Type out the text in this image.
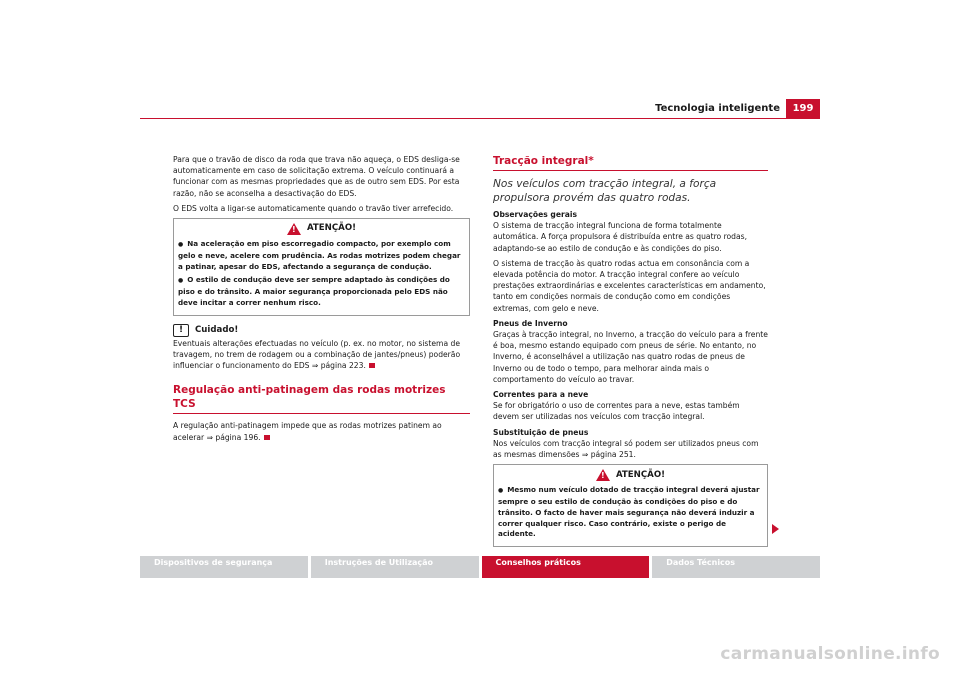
Tecnologia inteligente	199

Para que o travão de disco da roda que trava não aqueça, o EDS desliga-se automaticamente em caso de solicitação extrema. O veículo continuará a funcionar com as mesmas propriedades que as de outro sem EDS. Por esta razão, não se aconselha a desactivação do EDS.

O EDS volta a ligar-se automaticamente quando o travão tiver arrefecido.

!
ATENÇÃO!
● Na aceleração em piso escorregadio compacto, por exemplo com gelo e neve, acelere com prudência. As rodas motrizes podem chegar a patinar, apesar do EDS, afectando a segurança de condução.
● O estilo de condução deve ser sempre adaptado às condições do piso e do trânsito. A maior segurança proporcionada pelo EDS não deve incitar a correr nenhum risco.
!	Cuidado!

Eventuais alterações efectuadas no veículo (p. ex. no motor, no sistema de travagem, no trem de rodagem ou a combinação de jantes/pneus) poderão influenciar o funcionamento do EDS ⇒ página 223.

Regulação anti-patinagem das rodas motrizes TCS

A regulação anti-patinagem impede que as rodas motrizes patinem ao acelerar ⇒ página 196.

Tracção integral*

Nos veículos com tracção integral, a força propulsora provém das quatro rodas.

Observações gerais

O sistema de tracção integral funciona de forma totalmente automática. A força propulsora é distribuída entre as quatro rodas, adaptando-se ao estilo de condução e às condições do piso.

O sistema de tracção às quatro rodas actua em consonância com a elevada potência do motor. A tracção integral confere ao veículo prestações extraordinárias e excelentes características em andamento, tanto em condições normais de condução como em condições extremas, com gelo e neve.

Pneus de Inverno

Graças à tracção integral, no Inverno, a tracção do veículo para a frente é boa, mesmo estando equipado com pneus de série. No entanto, no Inverno, é aconselhável a utilização nas quatro rodas de pneus de Inverno ou de todo o tempo, para melhorar ainda mais o comportamento do veículo ao travar.

Correntes para a neve

Se for obrigatório o uso de correntes para a neve, estas também devem ser utilizadas nos veículos com tracção integral.

Substituição de pneus

Nos veículos com tracção integral só podem ser utilizados pneus com as mesmas dimensões ⇒ página 251.

!
ATENÇÃO!
● Mesmo num veículo dotado de tracção integral deverá ajustar sempre o seu estilo de condução às condições do piso e do trânsito. O facto de haver mais segurança não deverá induzir a correr qualquer risco. Caso contrário, existe o perigo de acidente.
Dispositivos de segurança	Instruções de Utilização	Conselhos práticos	Dados Técnicos
carmanualsonline.info
